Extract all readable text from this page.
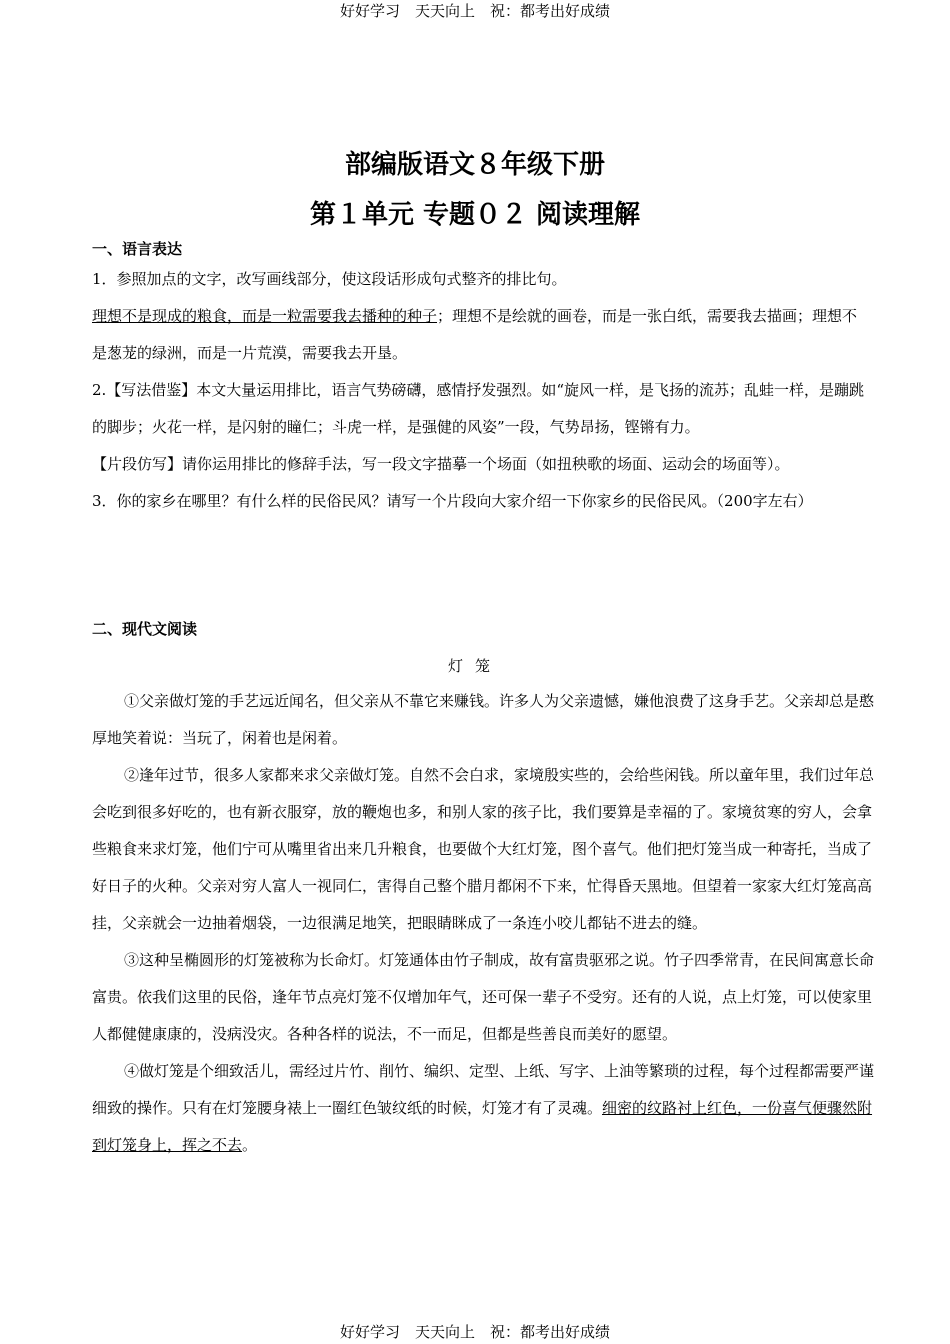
好好学习　天天向上　祝：都考出好成绩
部编版语文８年级下册
第１单元 专题０２ 阅读理解
一、语言表达

1．参照加点的文字，改写画线部分，使这段话形成句式整齐的排比句。

理想不是现成的粮食，而是一粒需要我去播种的种子；理想不是绘就的画卷，而是一张白纸，需要我去描画；理想不是葱茏的绿洲，而是一片荒漠，需要我去开垦。

2.【写法借鉴】本文大量运用排比，语言气势磅礴，感情抒发强烈。如“旋风一样，是飞扬的流苏；乱蛙一样，是蹦跳的脚步；火花一样，是闪射的瞳仁；斗虎一样，是强健的风姿”一段，气势昂扬，铿锵有力。

【片段仿写】请你运用排比的修辞手法，写一段文字描摹一个场面（如扭秧歌的场面、运动会的场面等）。

3．你的家乡在哪里？有什么样的民俗民风？请写一个片段向大家介绍一下你家乡的民俗民风。（200字左右）

二、现代文阅读
灯笼

①父亲做灯笼的手艺远近闻名，但父亲从不靠它来赚钱。许多人为父亲遗憾，嫌他浪费了这身手艺。父亲却总是憨厚地笑着说：当玩了，闲着也是闲着。

②逢年过节，很多人家都来求父亲做灯笼。自然不会白求，家境殷实些的，会给些闲钱。所以童年里，我们过年总会吃到很多好吃的，也有新衣服穿，放的鞭炮也多，和别人家的孩子比，我们要算是幸福的了。家境贫寒的穷人，会拿些粮食来求灯笼，他们宁可从嘴里省出来几升粮食，也要做个大红灯笼，图个喜气。他们把灯笼当成一种寄托，当成了好日子的火种。父亲对穷人富人一视同仁，害得自己整个腊月都闲不下来，忙得昏天黑地。但望着一家家大红灯笼高高挂，父亲就会一边抽着烟袋，一边很满足地笑，把眼睛眯成了一条连小咬儿都钻不进去的缝。

③这种呈椭圆形的灯笼被称为长命灯。灯笼通体由竹子制成，故有富贵驱邪之说。竹子四季常青，在民间寓意长命富贵。依我们这里的民俗，逢年节点亮灯笼不仅增加年气，还可保一辈子不受穷。还有的人说，点上灯笼，可以使家里人都健健康康的，没病没灾。各种各样的说法，不一而足，但都是些善良而美好的愿望。

④做灯笼是个细致活儿，需经过片竹、削竹、编织、定型、上纸、写字、上油等繁琐的过程，每个过程都需要严谨细致的操作。只有在灯笼腰身裱上一圈红色皱纹纸的时候，灯笼才有了灵魂。细密的纹路衬上红色，一份喜气便骤然附到灯笼身上，挥之不去。

好好学习　天天向上　祝：都考出好成绩
